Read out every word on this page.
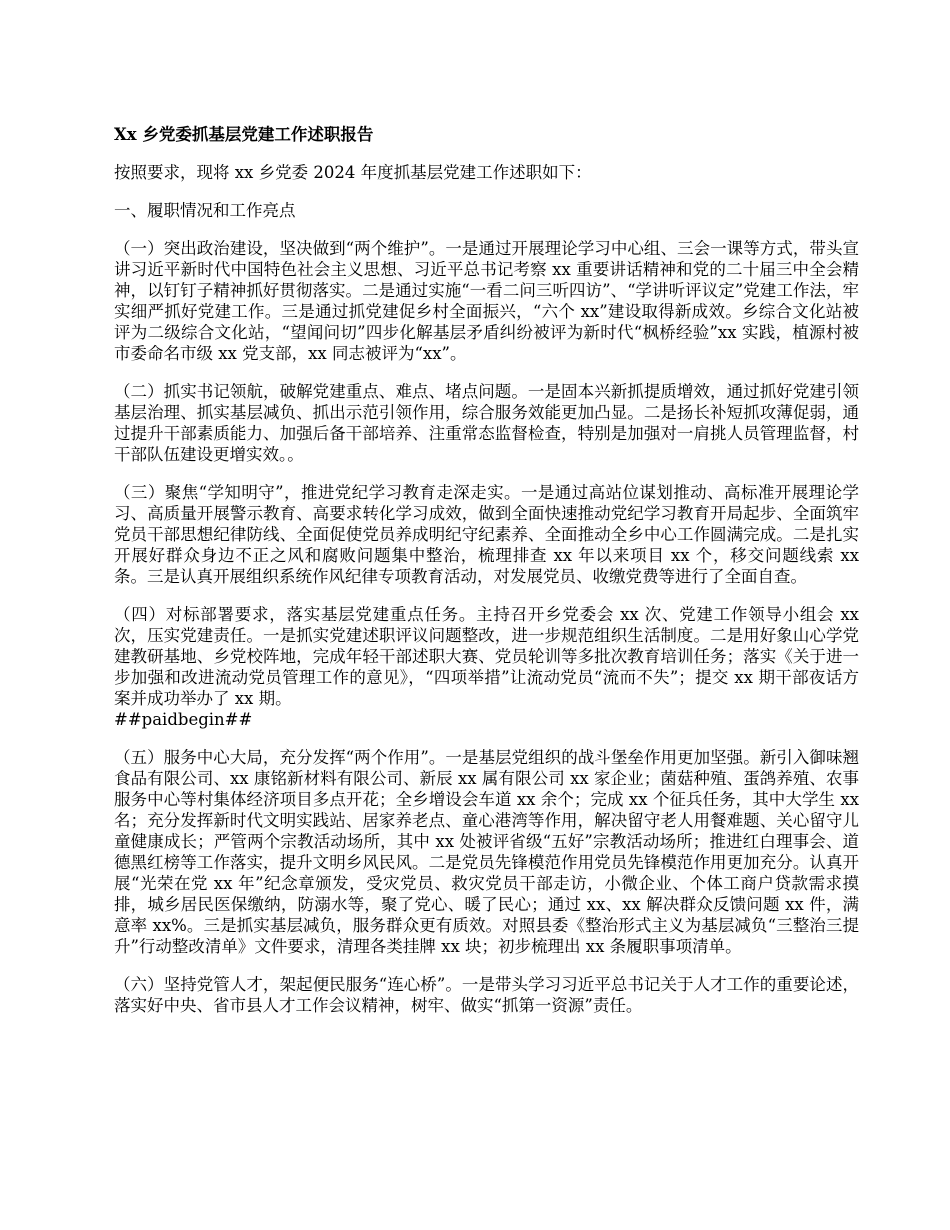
Xx 乡党委抓基层党建工作述职报告
按照要求，现将 xx 乡党委 2024 年度抓基层党建工作述职如下：
一、履职情况和工作亮点
（一）突出政治建设，坚决做到“两个维护”。一是通过开展理论学习中心组、三会一课等方式，带头宣讲习近平新时代中国特色社会主义思想、习近平总书记考察 xx 重要讲话精神和党的二十届三中全会精神，以钉钉子精神抓好贯彻落实。二是通过实施“一看二问三听四访”、“学讲听评议定”党建工作法，牢实细严抓好党建工作。三是通过抓党建促乡村全面振兴，“六个 xx”建设取得新成效。乡综合文化站被评为二级综合文化站，“望闻问切”四步化解基层矛盾纠纷被评为新时代“枫桥经验”xx 实践，植源村被市委命名市级 xx 党支部，xx 同志被评为“xx”。
（二）抓实书记领航，破解党建重点、难点、堵点问题。一是固本兴新抓提质增效，通过抓好党建引领基层治理、抓实基层减负、抓出示范引领作用，综合服务效能更加凸显。二是扬长补短抓攻薄促弱，通过提升干部素质能力、加强后备干部培养、注重常态监督检查，特别是加强对一肩挑人员管理监督，村干部队伍建设更增实效。。
（三）聚焦“学知明守”，推进党纪学习教育走深走实。一是通过高站位谋划推动、高标准开展理论学习、高质量开展警示教育、高要求转化学习成效，做到全面快速推动党纪学习教育开局起步、全面筑牢党员干部思想纪律防线、全面促使党员养成明纪守纪素养、全面推动全乡中心工作圆满完成。二是扎实开展好群众身边不正之风和腐败问题集中整治，梳理排查 xx 年以来项目 xx 个，移交问题线索 xx 条。三是认真开展组织系统作风纪律专项教育活动，对发展党员、收缴党费等进行了全面自查。
（四）对标部署要求，落实基层党建重点任务。主持召开乡党委会 xx 次、党建工作领导小组会 xx 次，压实党建责任。一是抓实党建述职评议问题整改，进一步规范组织生活制度。二是用好象山心学党建教研基地、乡党校阵地，完成年轻干部述职大赛、党员轮训等多批次教育培训任务；落实《关于进一步加强和改进流动党员管理工作的意见》，“四项举措”让流动党员“流而不失”；提交 xx 期干部夜话方案并成功举办了 xx 期。
##paidbegin##
（五）服务中心大局，充分发挥“两个作用”。一是基层党组织的战斗堡垒作用更加坚强。新引入御味翘食品有限公司、xx 康铭新材料有限公司、新辰 xx 属有限公司 xx 家企业；菌菇种殖、蛋鸽养殖、农事服务中心等村集体经济项目多点开花；全乡增设会车道 xx 余个；完成 xx 个征兵任务，其中大学生 xx 名；充分发挥新时代文明实践站、居家养老点、童心港湾等作用，解决留守老人用餐难题、关心留守儿童健康成长；严管两个宗教活动场所，其中 xx 处被评省级“五好”宗教活动场所；推进红白理事会、道德黑红榜等工作落实，提升文明乡风民风。二是党员先锋模范作用党员先锋模范作用更加充分。认真开展“光荣在党 xx 年”纪念章颁发，受灾党员、救灾党员干部走访，小微企业、个体工商户贷款需求摸排，城乡居民医保缴纳，防溺水等，聚了党心、暖了民心；通过 xx、xx 解决群众反馈问题 xx 件，满意率 xx%。三是抓实基层减负，服务群众更有质效。对照县委《整治形式主义为基层减负“三整治三提升”行动整改清单》文件要求，清理各类挂牌 xx 块；初步梳理出 xx 条履职事项清单。
（六）坚持党管人才，架起便民服务“连心桥”。一是带头学习习近平总书记关于人才工作的重要论述，落实好中央、省市县人才工作会议精神，树牢、做实“抓第一资源”责任。
